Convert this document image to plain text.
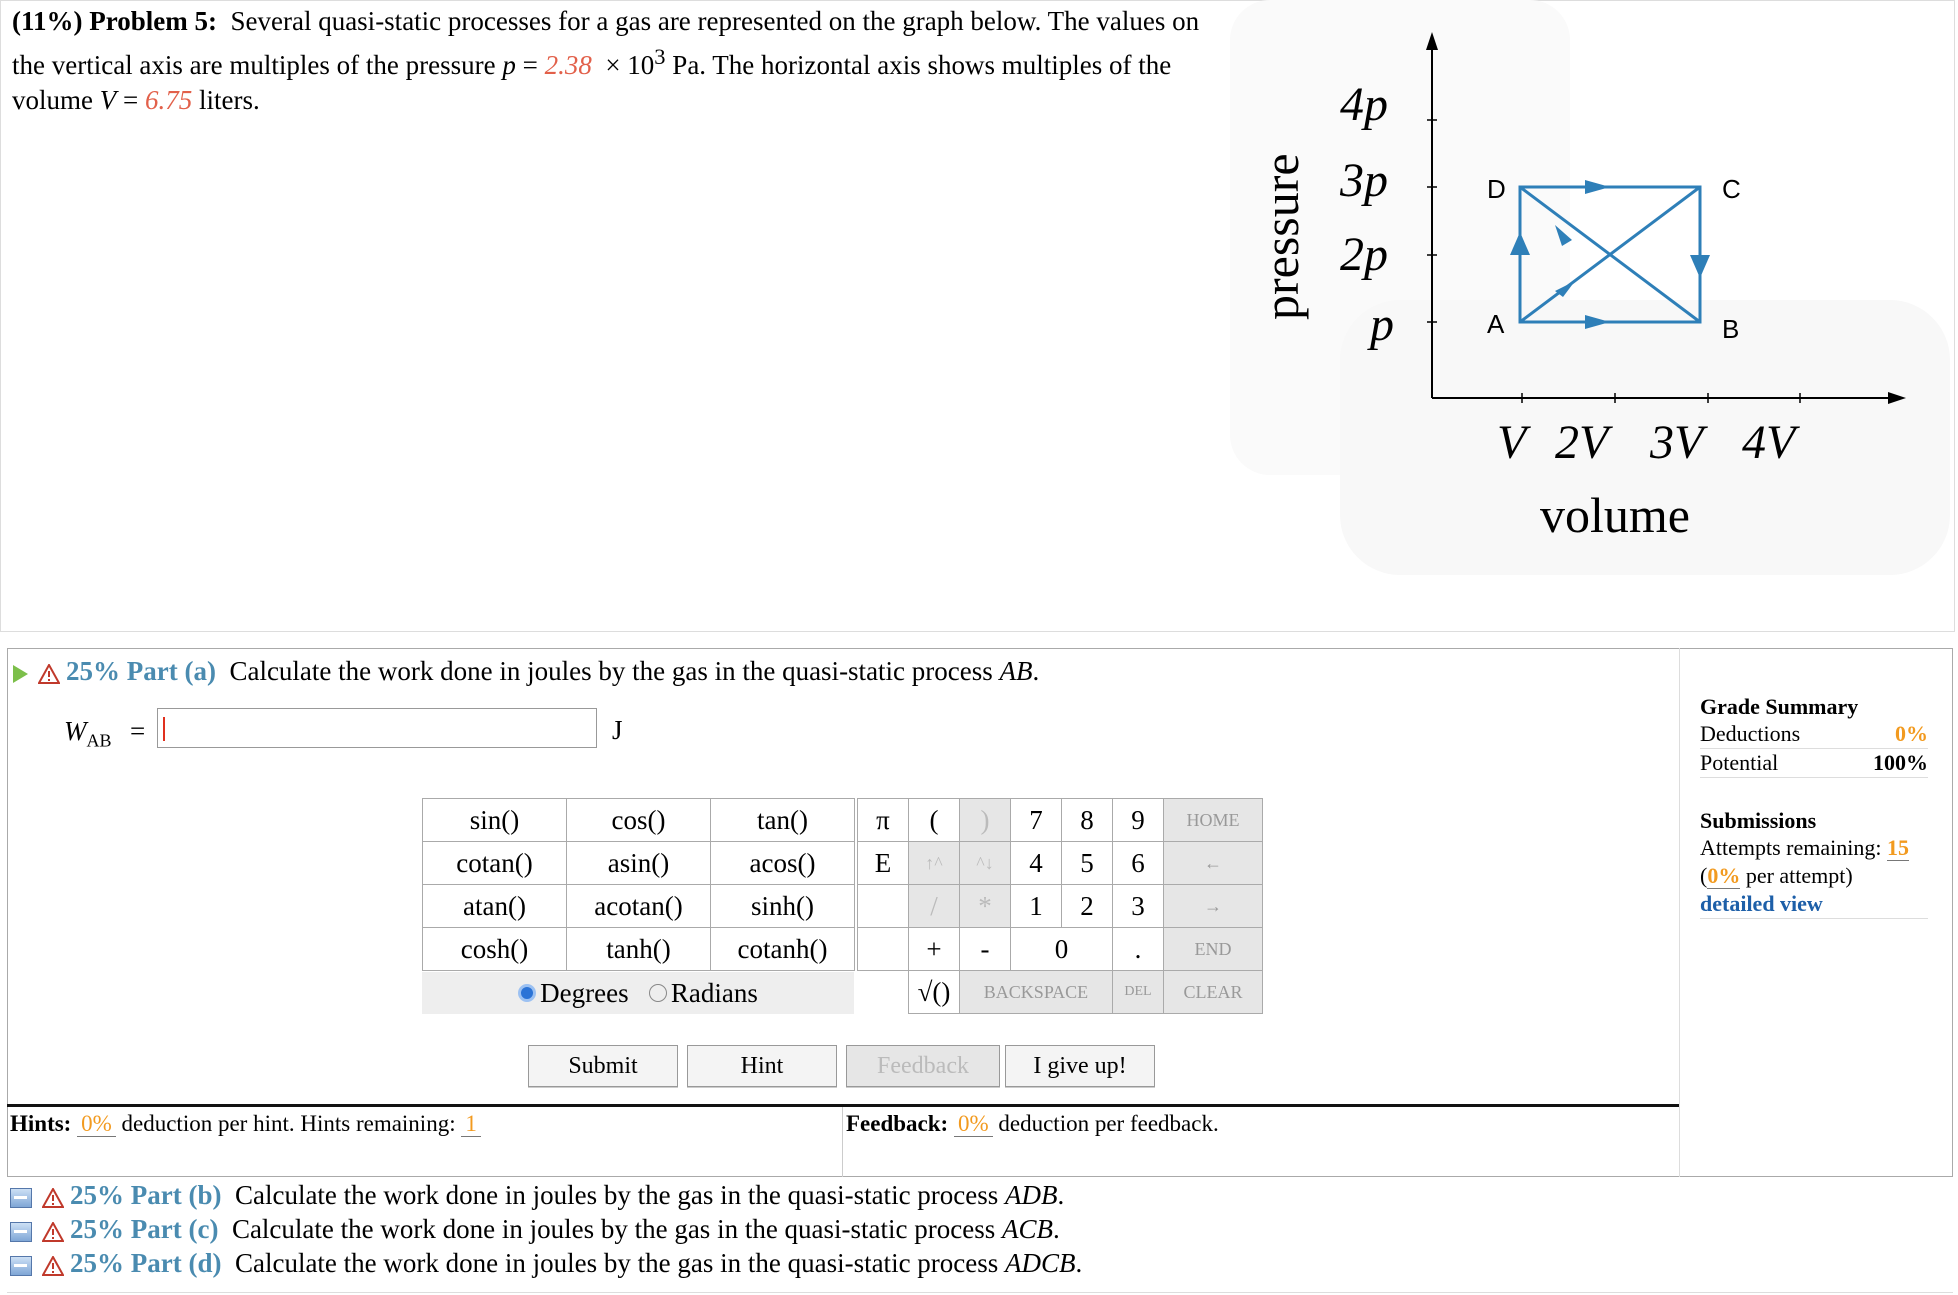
(11%) Problem 5: Several quasi-static processes for a gas are represented on the graph below. The values on the vertical axis are multiples of the pressure $p = 2.38 \times 10^3$ Pa. The horizontal axis shows multiples of the volume V = 6.75 liters.	4p
3p
2p
p
V 2V 3V 4V
volume
pressure	D	C
A	B
25% Part (a) Calculate the work done in joules by the gas in the quasi-static process AB.
$W_{AB}$ =	J
sin()	cos()	tan()
cotan()	asin()	acos()
atan()	acotan()	sinh()
cosh()	tanh()	cotanh()
Degrees Radians
π	(	)	7	8	9	HOME
E	↑^	^↓	4	5	6	←
	/	*	1	2	3	→
	+	-	0		.	END
	√()	BACKSPACE			DEL	CLEAR
Submit	Hint	Feedback	I give up!
Hints: 0% deduction per hint. Hints remaining: 1	Feedback: 0% deduction per feedback.
Grade Summary
Deductions	0%
Potential	100%
Submissions
Attempts remaining: 15
(0% per attempt)
detailed view
25% Part (b) Calculate the work done in joules by the gas in the quasi-static process ADB.
25% Part (c) Calculate the work done in joules by the gas in the quasi-static process ACB.
25% Part (d) Calculate the work done in joules by the gas in the quasi-static process ADCB.
